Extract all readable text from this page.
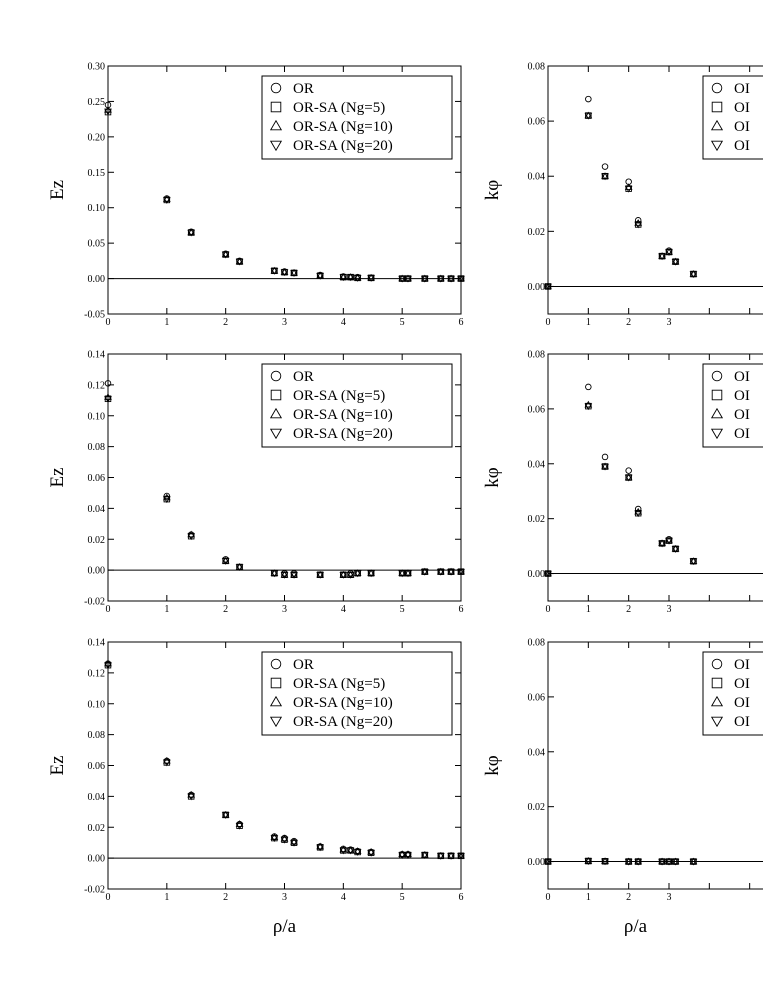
0	1	2	3	4	5	6
-0.05
0.00
0.05
0.10
0.15
0.20
0.25
0.30
Ez
OR
OR-SA (Ng=5)
OR-SA (Ng=10)
OR-SA (Ng=20)
0	1	2	3
0.00
0.02
0.04
0.06
0.08
kφ
OI
OI
OI
OI
0	1	2	3	4	5	6
-0.02
0.00
0.02
0.04
0.06
0.08
0.10
0.12
0.14
Ez
OR
OR-SA (Ng=5)
OR-SA (Ng=10)
OR-SA (Ng=20)
0	1	2	3
0.00
0.02
0.04
0.06
0.08
kφ
OI
OI
OI
OI
0	1	2	3	4	5	6
-0.02
0.00
0.02
0.04
0.06
0.08
0.10
0.12
0.14
Ez
ρ/a
OR
OR-SA (Ng=5)
OR-SA (Ng=10)
OR-SA (Ng=20)
0	1	2	3
0.00
0.02
0.04
0.06
0.08
kφ
ρ/a
OI
OI
OI
OI
